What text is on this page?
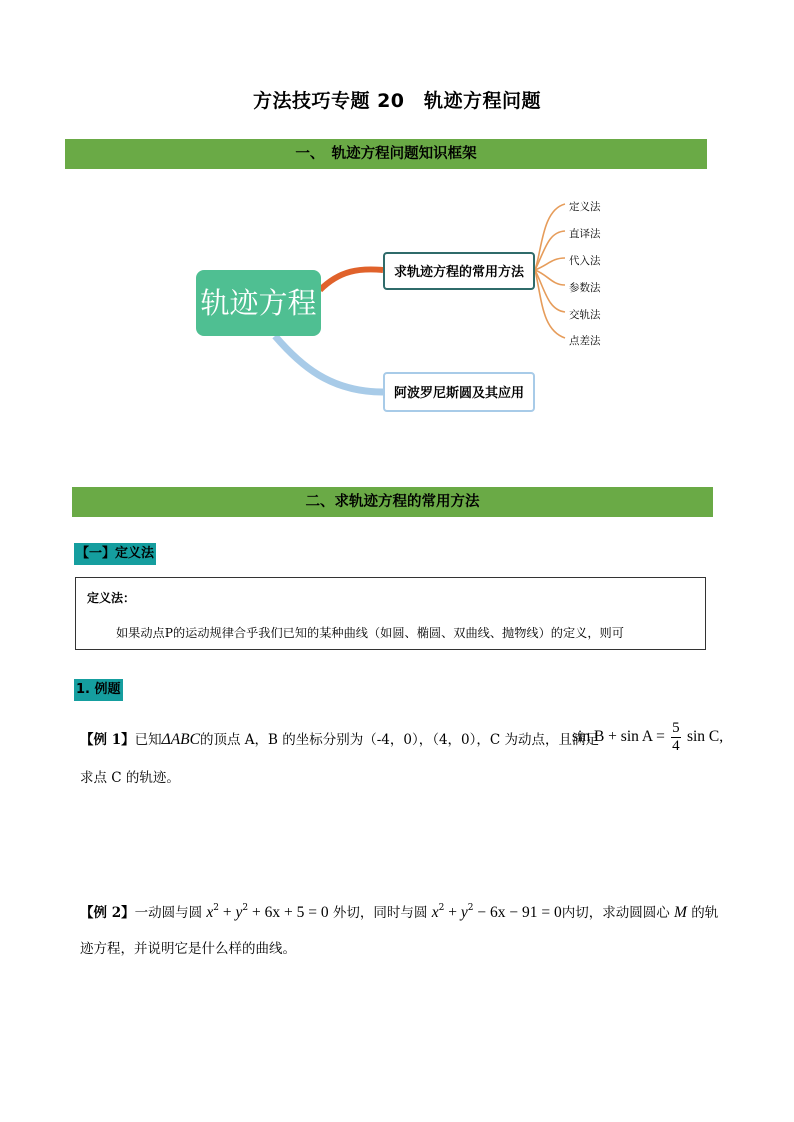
方法技巧专题 20　轨迹方程问题
一、　轨迹方程问题知识框架
轨迹方程
求轨迹方程的常用方法
阿波罗尼斯圆及其应用
定义法
直译法
代入法
参数法
交轨法
点差法
二、求轨迹方程的常用方法
【一】定义法
定义法：
如果动点P的运动规律合乎我们已知的某种曲线（如圆、椭圆、双曲线、抛物线）的定义，则可
1. 例题
【例 1】已知ΔABC的顶点 A，B 的坐标分别为（-4，0），（4，0），C 为动点，且满足
$\sin B + \sin A = \frac{5}{4}$ sin C,
求点 C 的轨迹。
【例 2】一动圆与圆 $x^2 + y^2 + 6x + 5 = 0$ 外切，同时与圆 $x^2 + y^2 - 6x - 91 = 0$内切，求动圆圆心 M 的轨
迹方程，并说明它是什么样的曲线。
